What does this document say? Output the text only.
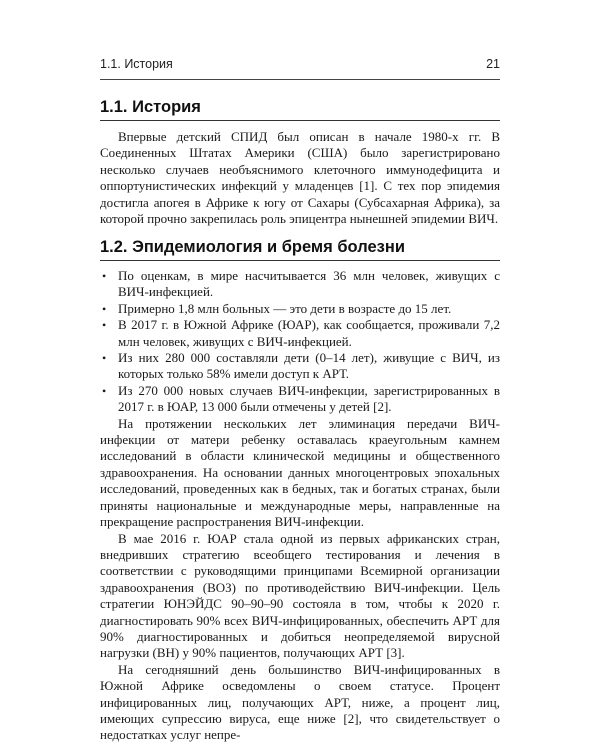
1.1. История	21
1.1. История

Впервые детский СПИД был описан в начале 1980-х гг. В Соединенных Штатах Америки (США) было зарегистрировано несколько случаев необъяснимого клеточного иммунодефицита и оппортунистических инфекций у младенцев [1]. С тех пор эпидемия достигла апогея в Африке к югу от Сахары (Субсахарная Африка), за которой прочно закрепилась роль эпицентра нынешней эпидемии ВИЧ.

1.2. Эпидемиология и бремя болезни
• По оценкам, в мире насчитывается 36 млн человек, живущих с ВИЧ-инфекцией.
• Примерно 1,8 млн больных — это дети в возрасте до 15 лет.
• В 2017 г. в Южной Африке (ЮАР), как сообщается, проживали 7,2 млн человек, живущих с ВИЧ-инфекцией.
• Из них 280 000 составляли дети (0–14 лет), живущие с ВИЧ, из которых только 58% имели доступ к АРТ.
• Из 270 000 новых случаев ВИЧ-инфекции, зарегистрированных в 2017 г. в ЮАР, 13 000 были отмечены у детей [2].

На протяжении нескольких лет элиминация передачи ВИЧ-инфекции от матери ребенку оставалась краеугольным камнем исследований в области клинической медицины и общественного здравоохранения. На основании данных многоцентровых эпохальных исследований, проведенных как в бедных, так и богатых странах, были приняты национальные и международные меры, направленные на прекращение распространения ВИЧ-инфекции.

В мае 2016 г. ЮАР стала одной из первых африканских стран, внедривших стратегию всеобщего тестирования и лечения в соответствии с руководящими принципами Всемирной организации здравоохранения (ВОЗ) по противодействию ВИЧ-инфекции. Цель стратегии ЮНЭЙДС 90–90–90 состояла в том, чтобы к 2020 г. диагностировать 90% всех ВИЧ-инфицированных, обеспечить АРТ для 90% диагностированных и добиться неопределяемой вирусной нагрузки (ВН) у 90% пациентов, получающих АРТ [3].

На сегодняшний день большинство ВИЧ-инфицированных в Южной Африке осведомлены о своем статусе. Процент инфицированных лиц, получающих АРТ, ниже, а процент лиц, имеющих супрессию вируса, еще ниже [2], что свидетельствует о недостатках услуг непре-
